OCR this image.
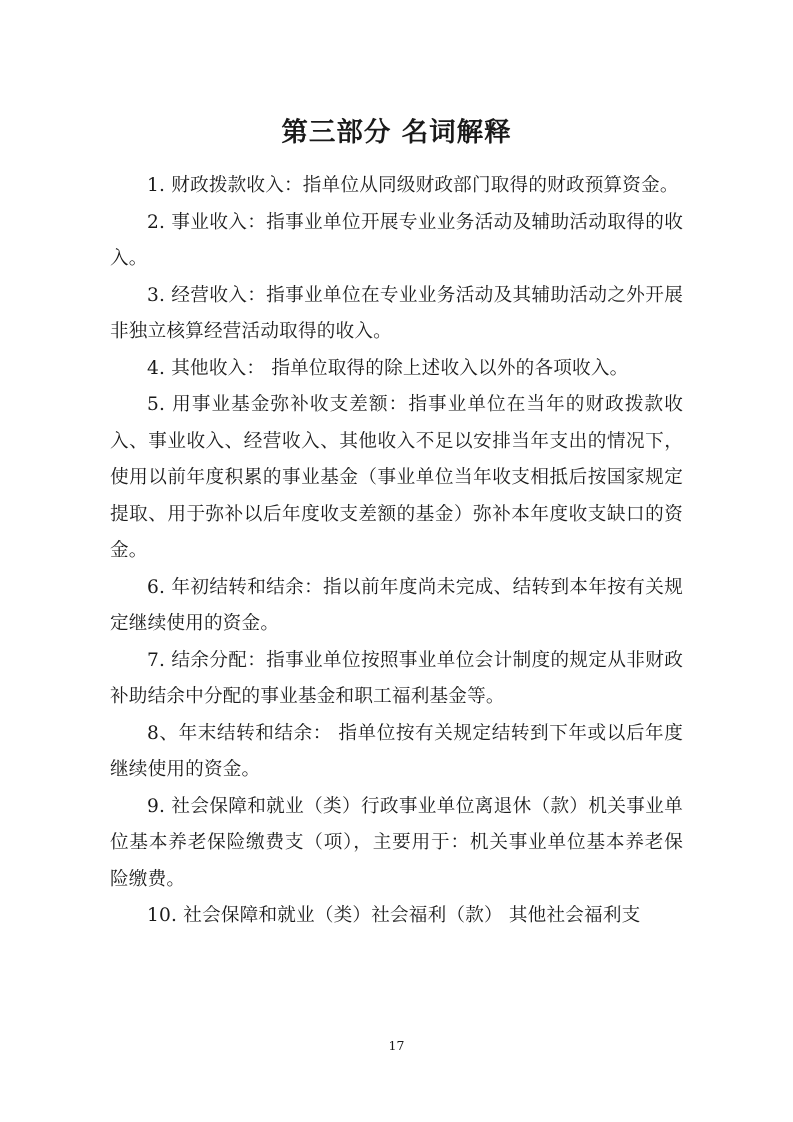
第三部分 名词解释

1. 财政拨款收入：指单位从同级财政部门取得的财政预算资金。

2. 事业收入：指事业单位开展专业业务活动及辅助活动取得的收入。

3. 经营收入：指事业单位在专业业务活动及其辅助活动之外开展非独立核算经营活动取得的收入。

4. 其他收入： 指单位取得的除上述收入以外的各项收入。

5. 用事业基金弥补收支差额：指事业单位在当年的财政拨款收入、事业收入、经营收入、其他收入不足以安排当年支出的情况下，使用以前年度积累的事业基金（事业单位当年收支相抵后按国家规定提取、用于弥补以后年度收支差额的基金）弥补本年度收支缺口的资金。

6. 年初结转和结余：指以前年度尚未完成、结转到本年按有关规定继续使用的资金。

7. 结余分配：指事业单位按照事业单位会计制度的规定从非财政补助结余中分配的事业基金和职工福利基金等。

8、年末结转和结余： 指单位按有关规定结转到下年或以后年度继续使用的资金。

9. 社会保障和就业（类）行政事业单位离退休（款）机关事业单位基本养老保险缴费支（项），主要用于：机关事业单位基本养老保险缴费。

10. 社会保障和就业（类）社会福利（款） 其他社会福利支

17
